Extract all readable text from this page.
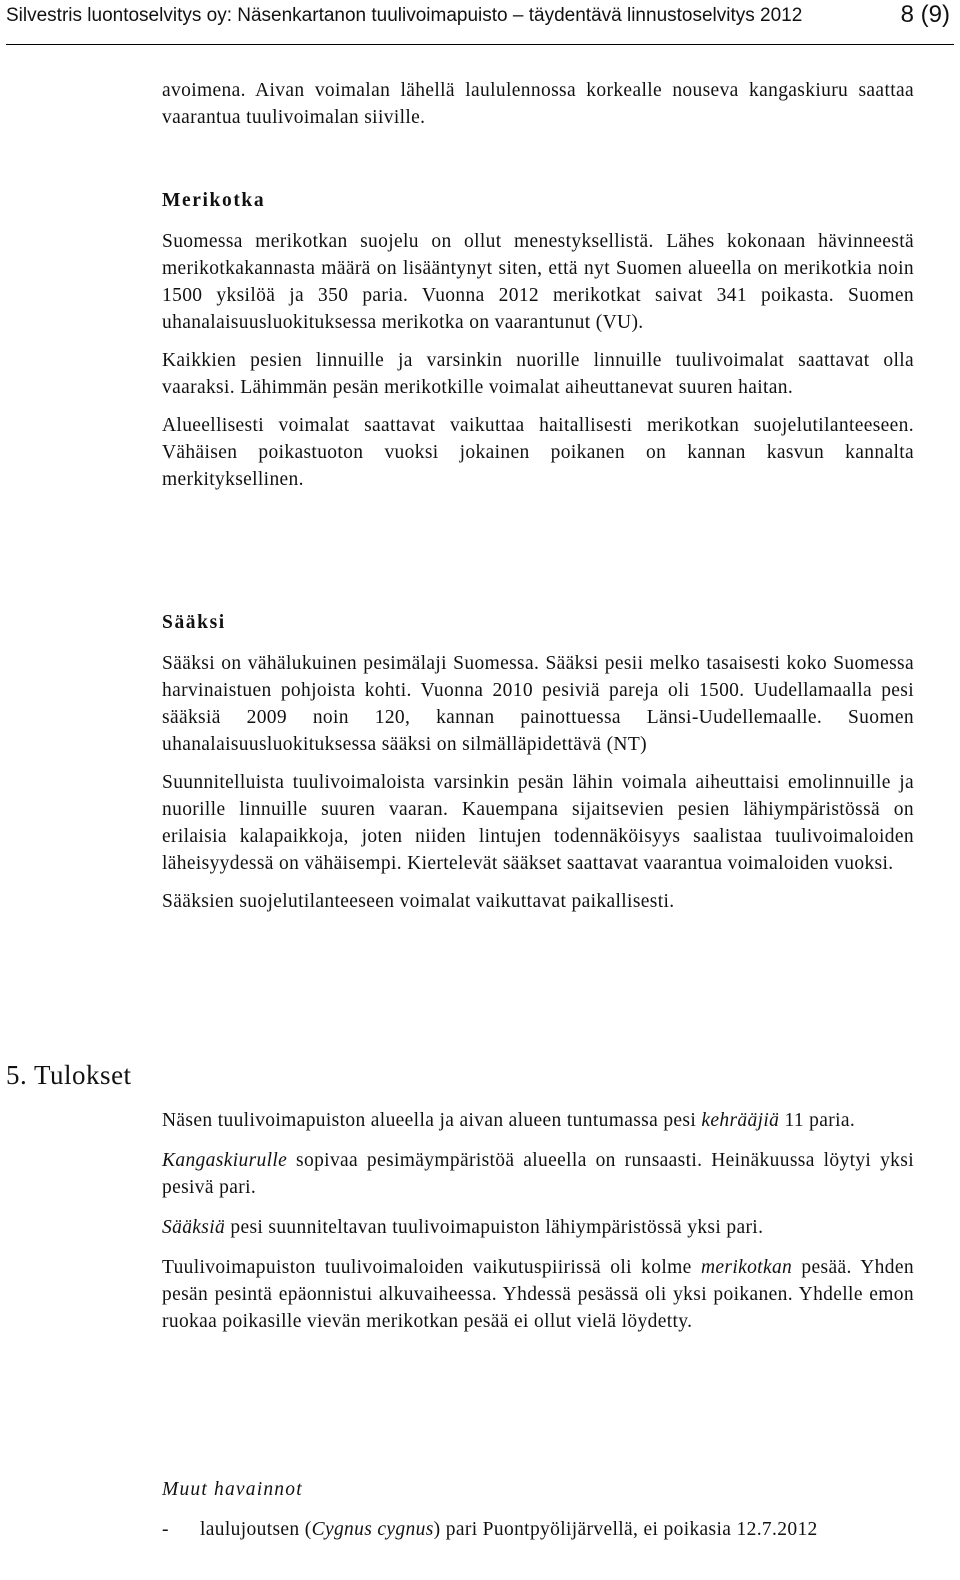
Silvestris luontoselvitys oy: Näsenkartanon tuulivoimapuisto – täydentävä linnustoselvitys 2012	8 (9)

avoimena. Aivan voimalan lähellä laululennossa korkealle nouseva kangaskiuru saattaa vaarantua tuulivoimalan siiville.

Merikotka

Suomessa merikotkan suojelu on ollut menestyksellistä. Lähes kokonaan hävinneestä merikotkakannasta määrä on lisääntynyt siten, että nyt Suomen alueella on merikotkia noin 1500 yksilöä ja 350 paria. Vuonna 2012 merikotkat saivat 341 poikasta. Suomen uhanalaisuusluokituksessa merikotka on vaarantunut (VU).

Kaikkien pesien linnuille ja varsinkin nuorille linnuille tuulivoimalat saattavat olla vaaraksi. Lähimmän pesän merikotkille voimalat aiheuttanevat suuren haitan.

Alueellisesti voimalat saattavat vaikuttaa haitallisesti merikotkan suojelutilanteeseen. Vähäisen poikastuoton vuoksi jokainen poikanen on kannan kasvun kannalta merkityksellinen.

Sääksi

Sääksi on vähälukuinen pesimälaji Suomessa. Sääksi pesii melko tasaisesti koko Suomessa harvinaistuen pohjoista kohti. Vuonna 2010 pesiviä pareja oli 1500. Uudellamaalla pesi sääksiä 2009 noin 120, kannan painottuessa Länsi-Uudellemaalle. Suomen uhanalaisuusluokituksessa sääksi on silmälläpidettävä (NT)

Suunnitelluista tuulivoimaloista varsinkin pesän lähin voimala aiheuttaisi emolinnuille ja nuorille linnuille suuren vaaran. Kauempana sijaitsevien pesien lähiympäristössä on erilaisia kalapaikkoja, joten niiden lintujen todennäköisyys saalistaa tuulivoimaloiden läheisyydessä on vähäisempi. Kiertelevät sääkset saattavat vaarantua voimaloiden vuoksi.

Sääksien suojelutilanteeseen voimalat vaikuttavat paikallisesti.

5. Tulokset

Näsen tuulivoimapuiston alueella ja aivan alueen tuntumassa pesi kehrääjiä 11 paria.

Kangaskiurulle sopivaa pesimäympäristöä alueella on runsaasti. Heinäkuussa löytyi yksi pesivä pari.

Sääksiä pesi suunniteltavan tuulivoimapuiston lähiympäristössä yksi pari.

Tuulivoimapuiston tuulivoimaloiden vaikutuspiirissä oli kolme merikotkan pesää. Yhden pesän pesintä epäonnistui alkuvaiheessa. Yhdessä pesässä oli yksi poikanen. Yhdelle emon ruokaa poikasille vievän merikotkan pesää ei ollut vielä löydetty.

Muut havainnot

-	laulujoutsen (Cygnus cygnus) pari Puontpyölijärvellä, ei poikasia 12.7.2012
